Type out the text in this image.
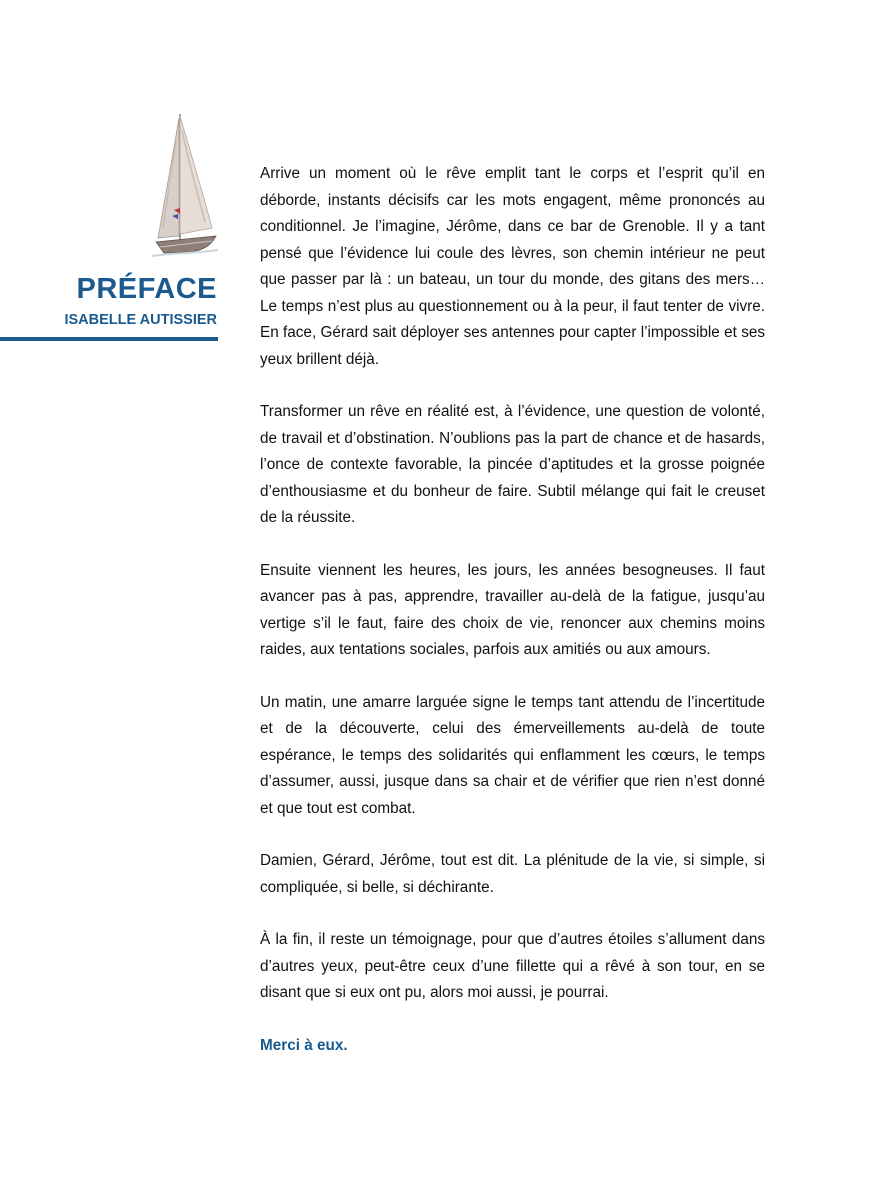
PRÉFACE
ISABELLE AUTISSIER

Arrive un moment où le rêve emplit tant le corps et l’esprit qu’il en déborde, instants décisifs car les mots engagent, même prononcés au conditionnel. Je l’imagine, Jérôme, dans ce bar de Grenoble. Il y a tant pensé que l’évidence lui coule des lèvres, son chemin intérieur ne peut que passer par là : un bateau, un tour du monde, des gitans des mers… Le temps n’est plus au questionnement ou à la peur, il faut tenter de vivre. En face, Gérard sait déployer ses antennes pour capter l’impossible et ses yeux brillent déjà.

Transformer un rêve en réalité est, à l’évidence, une question de volonté, de travail et d’obstination. N’oublions pas la part de chance et de hasards, l’once de contexte favorable, la pincée d’aptitudes et la grosse poignée d’enthousiasme et du bonheur de faire. Subtil mélange qui fait le creuset de la réussite.

Ensuite viennent les heures, les jours, les années besogneuses. Il faut avancer pas à pas, apprendre, travailler au-delà de la fatigue, jusqu’au vertige s’il le faut, faire des choix de vie, renoncer aux chemins moins raides, aux tentations sociales, parfois aux amitiés ou aux amours.

Un matin, une amarre larguée signe le temps tant attendu de l’incertitude et de la découverte, celui des émerveillements au-delà de toute espérance, le temps des solidarités qui enflamment les cœurs, le temps d’assumer, aussi, jusque dans sa chair et de vérifier que rien n’est donné et que tout est combat.

Damien, Gérard, Jérôme, tout est dit. La plénitude de la vie, si simple, si compliquée, si belle, si déchirante.

À la fin, il reste un témoignage, pour que d’autres étoiles s’allument dans d’autres yeux, peut-être ceux d’une fillette qui a rêvé à son tour, en se disant que si eux ont pu, alors moi aussi, je pourrai.

Merci à eux.
